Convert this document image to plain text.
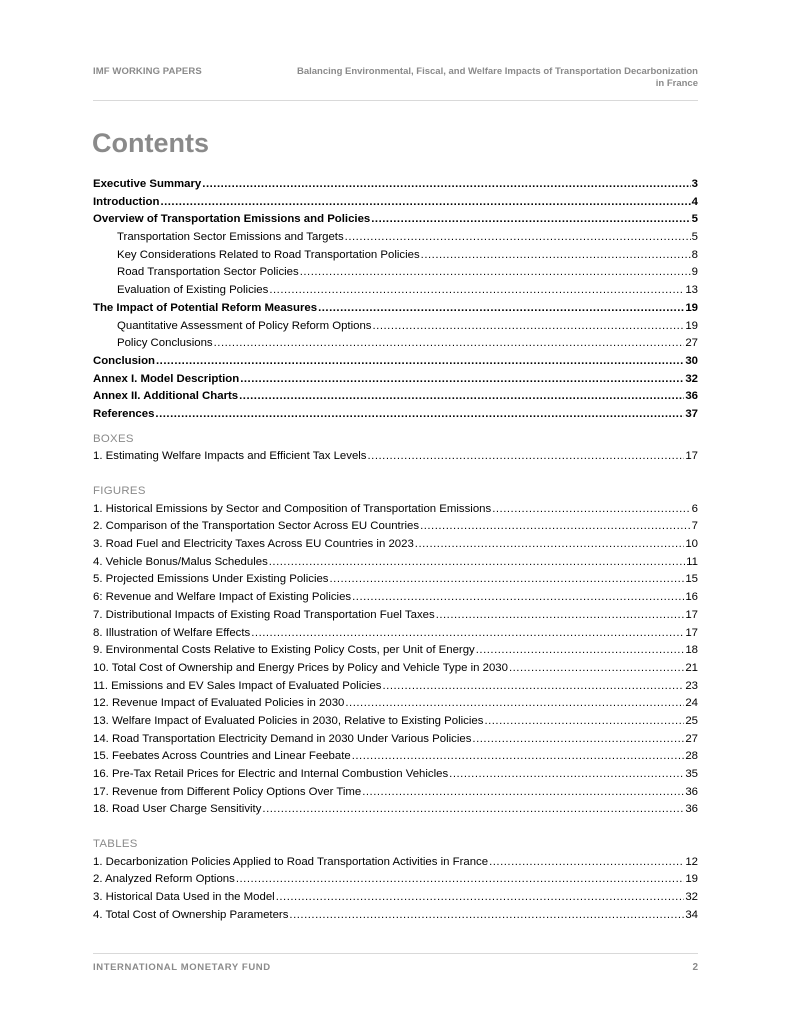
IMF WORKING PAPERS	Balancing Environmental, Fiscal, and Welfare Impacts of Transportation Decarbonization
in France
Contents
Executive Summary .....	3
Introduction .....	4
Overview of Transportation Emissions and Policies .....	5
Transportation Sector Emissions and Targets .....	5
Key Considerations Related to Road Transportation Policies .....	8
Road Transportation Sector Policies .....	9
Evaluation of Existing Policies .....	13
The Impact of Potential Reform Measures .....	19
Quantitative Assessment of Policy Reform Options .....	19
Policy Conclusions .....	27
Conclusion .....	30
Annex I. Model Description .....	32
Annex II. Additional Charts .....	36
References .....	37
BOXES
1. Estimating Welfare Impacts and Efficient Tax Levels .....	17
FIGURES
1. Historical Emissions by Sector and Composition of Transportation Emissions .....	6
2. Comparison of the Transportation Sector Across EU Countries .....	7
3. Road Fuel and Electricity Taxes Across EU Countries in 2023 .....	10
4. Vehicle Bonus/Malus Schedules .....	11
5. Projected Emissions Under Existing Policies .....	15
6: Revenue and Welfare Impact of Existing Policies .....	16
7. Distributional Impacts of Existing Road Transportation Fuel Taxes .....	17
8. Illustration of Welfare Effects .....	17
9. Environmental Costs Relative to Existing Policy Costs, per Unit of Energy .....	18
10. Total Cost of Ownership and Energy Prices by Policy and Vehicle Type in 2030 .....	21
11. Emissions and EV Sales Impact of Evaluated Policies .....	23
12. Revenue Impact of Evaluated Policies in 2030 .....	24
13. Welfare Impact of Evaluated Policies in 2030, Relative to Existing Policies .....	25
14. Road Transportation Electricity Demand in 2030 Under Various Policies .....	27
15. Feebates Across Countries and Linear Feebate .....	28
16. Pre-Tax Retail Prices for Electric and Internal Combustion Vehicles .....	35
17. Revenue from Different Policy Options Over Time .....	36
18. Road User Charge Sensitivity .....	36
TABLES
1. Decarbonization Policies Applied to Road Transportation Activities in France .....	12
2. Analyzed Reform Options .....	19
3. Historical Data Used in the Model .....	32
4. Total Cost of Ownership Parameters .....	34
INTERNATIONAL MONETARY FUND	2
